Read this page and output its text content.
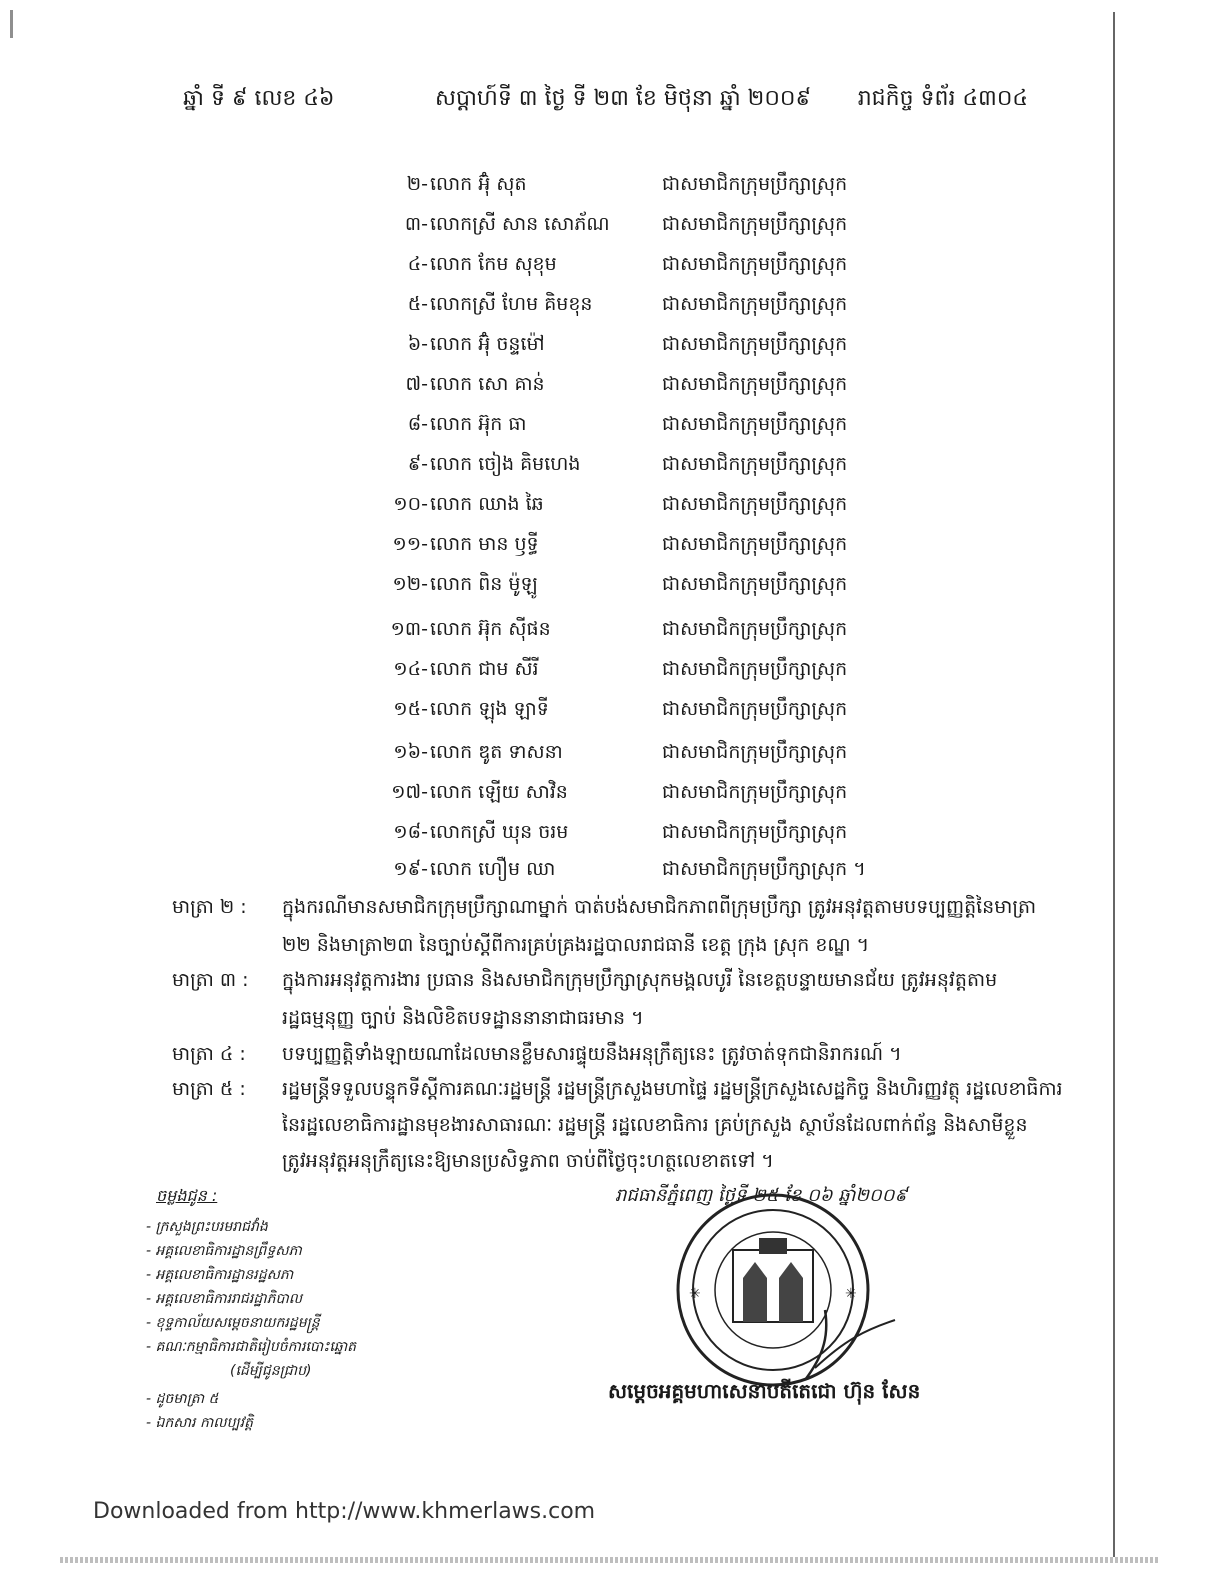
ឆ្នាំ ទី ៩ លេខ ៤៦	សប្តាហ៍ទី ៣ ថ្ងៃ ទី ២៣ ខែ មិថុនា ឆ្នាំ ២០០៩ រាជកិច្ច ទំព័រ ៤៣០៤
២- លោក អ៊ុំ សុត	ជាសមាជិកក្រុមប្រឹក្សាស្រុក
៣- លោកស្រី សាន សោភ័ណ	ជាសមាជិកក្រុមប្រឹក្សាស្រុក
៤- លោក កែម សុខុម	ជាសមាជិកក្រុមប្រឹក្សាស្រុក
៥- លោកស្រី ហែម គិមខុន	ជាសមាជិកក្រុមប្រឹក្សាស្រុក
៦- លោក អ៊ុំ ចន្ទម៉ៅ	ជាសមាជិកក្រុមប្រឹក្សាស្រុក
៧- លោក សោ គាន់	ជាសមាជិកក្រុមប្រឹក្សាស្រុក
៨- លោក អ៊ុក ធា	ជាសមាជិកក្រុមប្រឹក្សាស្រុក
៩- លោក ចៀង គិមហេង	ជាសមាជិកក្រុមប្រឹក្សាស្រុក
១០- លោក ឈាង ឆៃ	ជាសមាជិកក្រុមប្រឹក្សាស្រុក
១១- លោក មាន ឫទ្ធី	ជាសមាជិកក្រុមប្រឹក្សាស្រុក
១២- លោក ពិន ម៉ូឡូ	ជាសមាជិកក្រុមប្រឹក្សាស្រុក
១៣- លោក អ៊ុក ស៊ីផន	ជាសមាជិកក្រុមប្រឹក្សាស្រុក
១៤- លោក ជាម សីរី	ជាសមាជិកក្រុមប្រឹក្សាស្រុក
១៥- លោក ឡុង ឡាទី	ជាសមាជិកក្រុមប្រឹក្សាស្រុក
១៦- លោក ឌូត ទាសនា	ជាសមាជិកក្រុមប្រឹក្សាស្រុក
១៧- លោក ឡើយ សាវិន	ជាសមាជិកក្រុមប្រឹក្សាស្រុក
១៨- លោកស្រី ឃុន ចរម	ជាសមាជិកក្រុមប្រឹក្សាស្រុក
១៩- លោក ហឿម ឈា	ជាសមាជិកក្រុមប្រឹក្សាស្រុក ។
មាត្រា ២ : ក្នុងករណីមានសមាជិកក្រុមប្រឹក្សាណាម្នាក់ បាត់បង់សមាជិកភាពពីក្រុមប្រឹក្សា ត្រូវអនុវត្តតាមបទប្បញ្ញត្តិនៃមាត្រា
២២ និងមាត្រា២៣ នៃច្បាប់ស្តីពីការគ្រប់គ្រងរដ្ឋបាលរាជធានី ខេត្ត ក្រុង ស្រុក ខណ្ឌ ។
មាត្រា ៣ : ក្នុងការអនុវត្តការងារ ប្រធាន និងសមាជិកក្រុមប្រឹក្សាស្រុកមង្គលបូរី នៃខេត្តបន្ទាយមានជ័យ ត្រូវអនុវត្តតាម
រដ្ឋធម្មនុញ្ញ ច្បាប់ និងលិខិតបទដ្ឋាននានាជាធរមាន ។
មាត្រា ៤ : បទប្បញ្ញត្តិទាំងឡាយណាដែលមានខ្លឹមសារផ្ទុយនឹងអនុក្រឹត្យនេះ ត្រូវចាត់ទុកជានិរាករណ៍ ។
មាត្រា ៥ : រដ្ឋមន្ត្រីទទួលបន្ទុកទីស្តីការគណៈរដ្ឋមន្ត្រី រដ្ឋមន្ត្រីក្រសួងមហាផ្ទៃ រដ្ឋមន្ត្រីក្រសួងសេដ្ឋកិច្ច និងហិរញ្ញវត្ថុ រដ្ឋលេខាធិការ
នៃរដ្ឋលេខាធិការដ្ឋានមុខងារសាធារណៈ រដ្ឋមន្ត្រី រដ្ឋលេខាធិការ គ្រប់ក្រសួង ស្ថាប័នដែលពាក់ព័ន្ធ និងសាមីខ្លួន
ត្រូវអនុវត្តអនុក្រឹត្យនេះឱ្យមានប្រសិទ្ធភាព ចាប់ពីថ្ងៃចុះហត្ថលេខាតទៅ ។
ចម្លងជូន :
- ក្រសួងព្រះបរមរាជវាំង
- អគ្គលេខាធិការដ្ឋានព្រឹទ្ធសភា
- អគ្គលេខាធិការដ្ឋានរដ្ឋសភា
- អគ្គលេខាធិការរាជរដ្ឋាភិបាល
- ខុទ្ទកាល័យសម្តេចនាយករដ្ឋមន្ត្រី
- គណៈកម្មាធិការជាតិរៀបចំការបោះឆ្នោត
(ដើម្បីជូនជ្រាប)
- ដូចមាត្រា ៥
- ឯកសារ កាលប្បវត្តិ
រាជធានីភ្នំពេញ ថ្ងៃទី ២៥ ខែ ០៦ ឆ្នាំ២០០៩
✳	✳
សម្តេចអគ្គមហាសេនាបតីតេជោ ហ៊ុន សែន
Downloaded from http://www.khmerlaws.com
